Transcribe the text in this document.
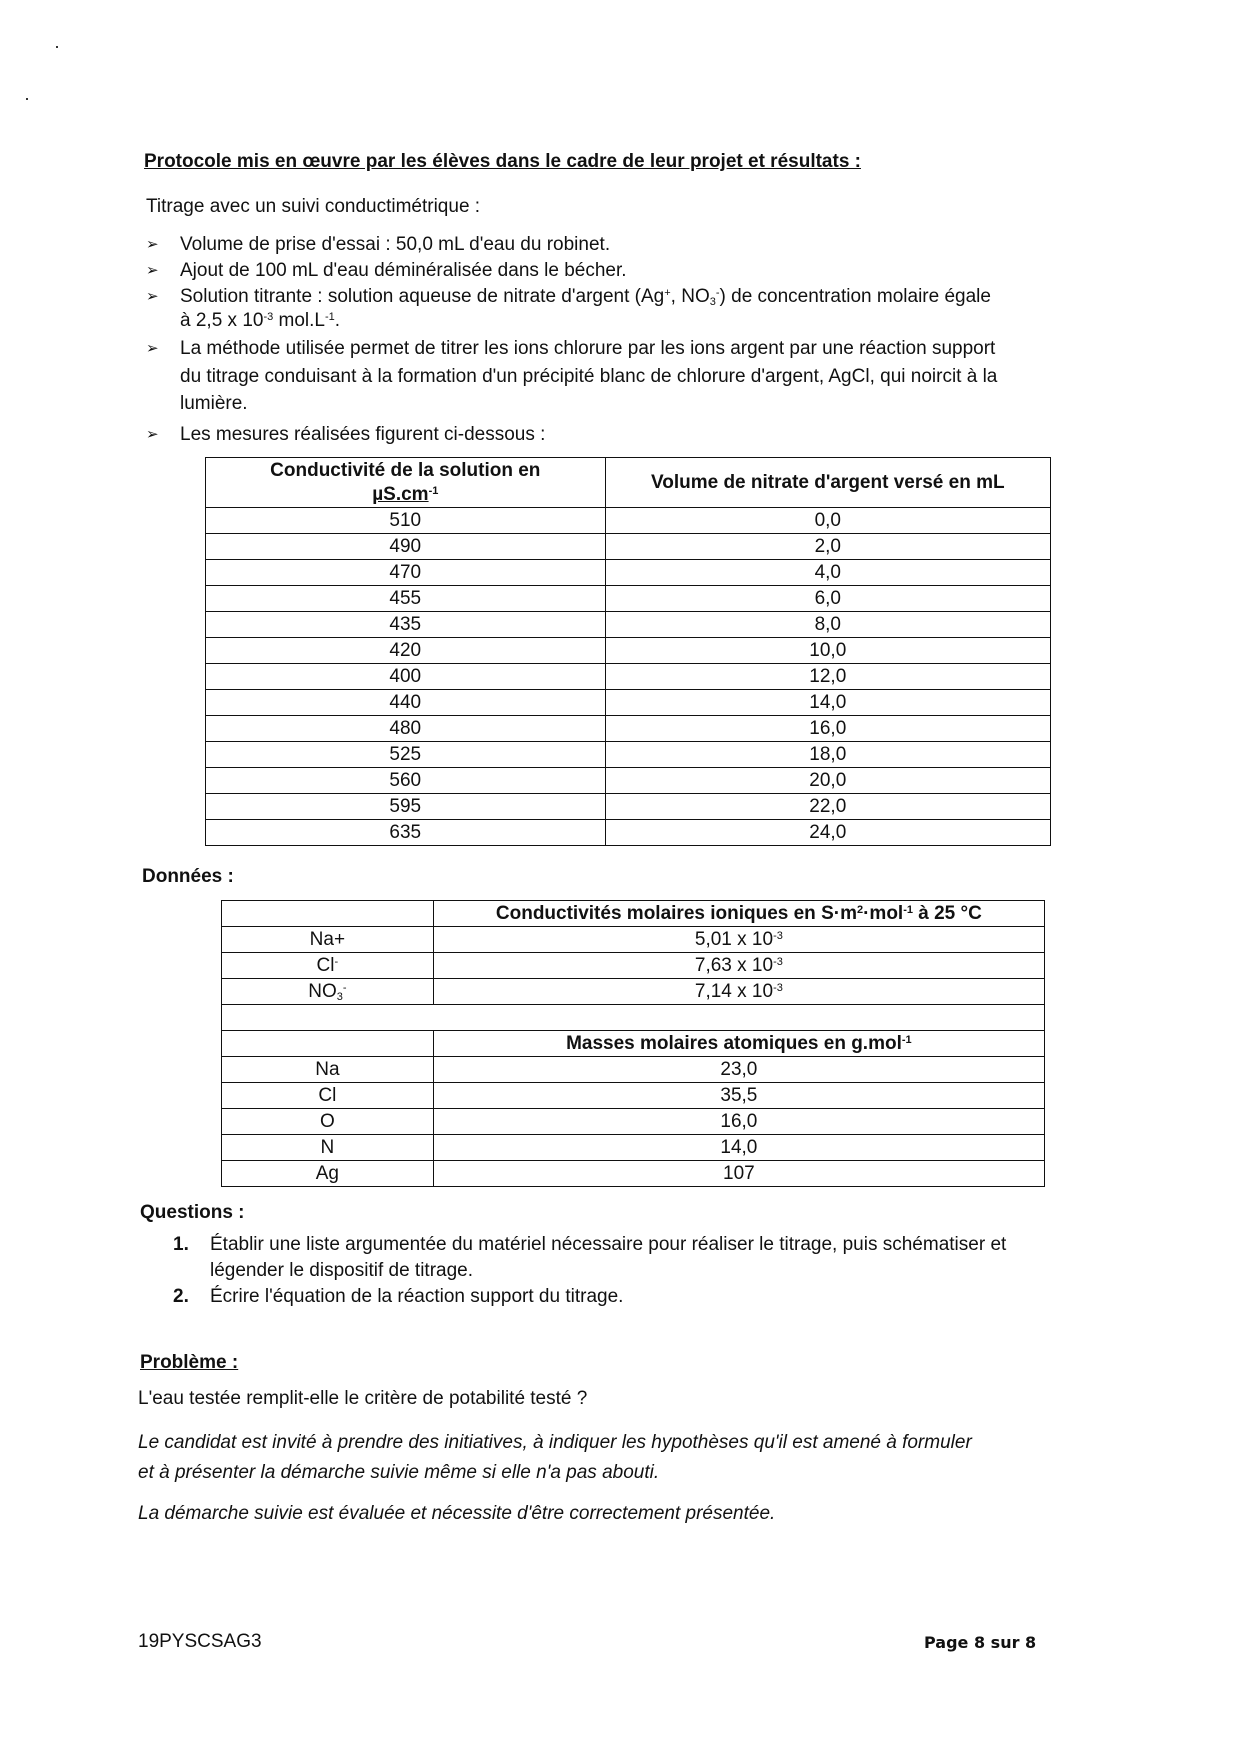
Protocole mis en œuvre par les élèves dans le cadre de leur projet et résultats :
Titrage avec un suivi conductimétrique :
➢ Volume de prise d'essai : 50,0 mL d'eau du robinet.
➢ Ajout de 100 mL d'eau déminéralisée dans le bécher.
➢ Solution titrante : solution aqueuse de nitrate d'argent (Ag+, $NO_3^-$) de concentration molaire égale
à 2,5 x $10^{-3}$ $mol.L^{-1}$.
➢ La méthode utilisée permet de titrer les ions chlorure par les ions argent par une réaction support
du titrage conduisant à la formation d'un précipité blanc de chlorure d'argent, AgCl, qui noircit à la
lumière.
➢ Les mesures réalisées figurent ci-dessous :
Conductivité de la solution en
$\mu S.cm^{-1}$	Volume de nitrate d'argent versé en mL
510	0,0
490	2,0
470	4,0
455	6,0
435	8,0
420	10,0
400	12,0
440	14,0
480	16,0
525	18,0
560	20,0
595	22,0
635	24,0
Données :
	Conductivités molaires ioniques en $S\cdot m^2\cdot mol^{-1}$ à 25 °C
Na+	5,01 x $10^{-3}$
Cl-	7,63 x $10^{-3}$
$NO_3^-$	7,14 x $10^{-3}$

	Masses molaires atomiques en g.mol$^{-1}$
Na	23,0
Cl	35,5
O	16,0
N	14,0
Ag	107
Questions :
1. Établir une liste argumentée du matériel nécessaire pour réaliser le titrage, puis schématiser et
légender le dispositif de titrage.
2. Écrire l'équation de la réaction support du titrage.
Problème :
L'eau testée remplit-elle le critère de potabilité testé ?
Le candidat est invité à prendre des initiatives, à indiquer les hypothèses qu'il est amené à formuler
et à présenter la démarche suivie même si elle n'a pas abouti.
La démarche suivie est évaluée et nécessite d'être correctement présentée.
19PYSCSAG3	Page 8 sur 8
